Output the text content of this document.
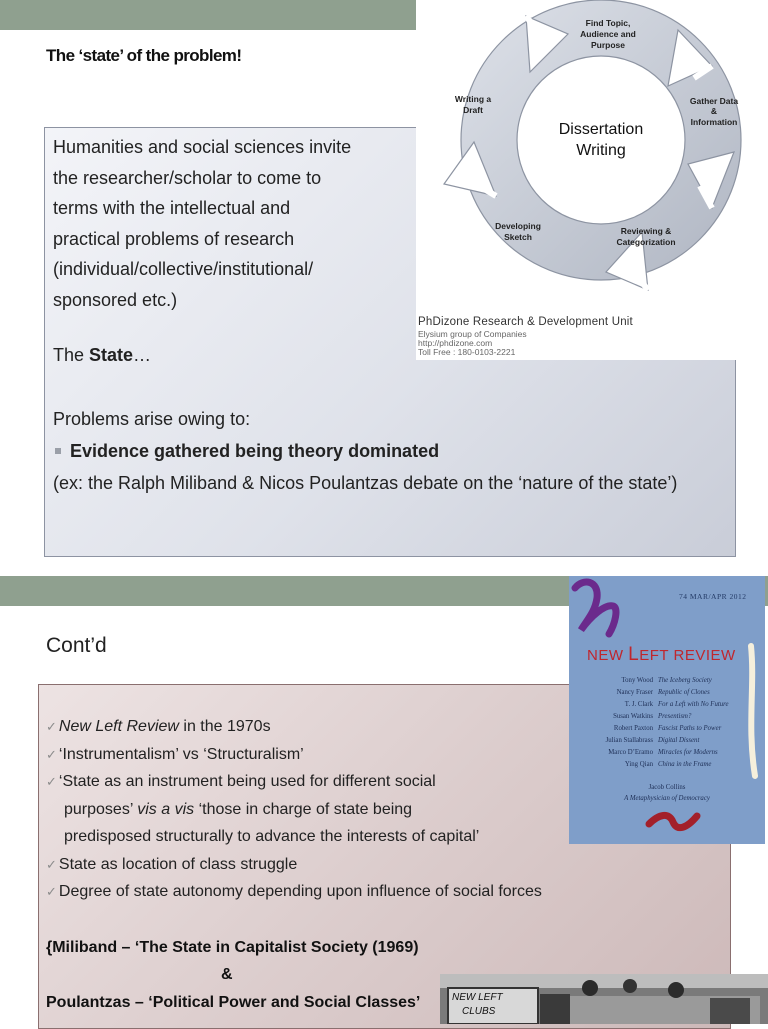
The ‘state’ of the problem!
Humanities and social sciences invite
the researcher/scholar to come to
terms with the intellectual and
practical problems of research
(individual/collective/institutional/
sponsored etc.)
The State…
Problems arise owing to:
Evidence gathered being theory dominated
(ex: the Ralph Miliband & Nicos Poulantzas debate on the ‘nature of the state’)
Dissertation
Writing
Find Topic,
Audience and
Purpose
Gather Data
&
Information
Reviewing &
Categorization
Developing
Sketch
Writing a
Draft
PhDizone Research & Development Unit
Elysium group of Companies
http://phdizone.com
Toll Free : 180-0103-2221
Cont’d
✓ New Left Review in the 1970s
✓ ‘Instrumentalism’ vs ‘Structuralism’
✓ ‘State as an instrument being used for different social
purposes’ vis a vis ‘those in charge of state being
predisposed structurally to advance the interests of capital’
✓ State as location of class struggle
✓ Degree of state autonomy depending upon influence of social forces
{Miliband – ‘The State in Capitalist Society (1969)
&
Poulantzas – ‘Political Power and Social Classes’
74 MAR/APR 2012
NEW LEFT REVIEW
Tony Wood The Iceberg Society
Nancy Fraser Republic of Clones
T. J. Clark For a Left with No Future
Susan Watkins Presentism?
Robert Paxton Fascist Paths to Power
Julian Stallabrass Digital Dissent
Marco D’Eramo Miracles for Moderns
Ying Qian China in the Frame
Jacob Collins
A Metaphysician of Democracy
NEW LEFT
CLUBS
